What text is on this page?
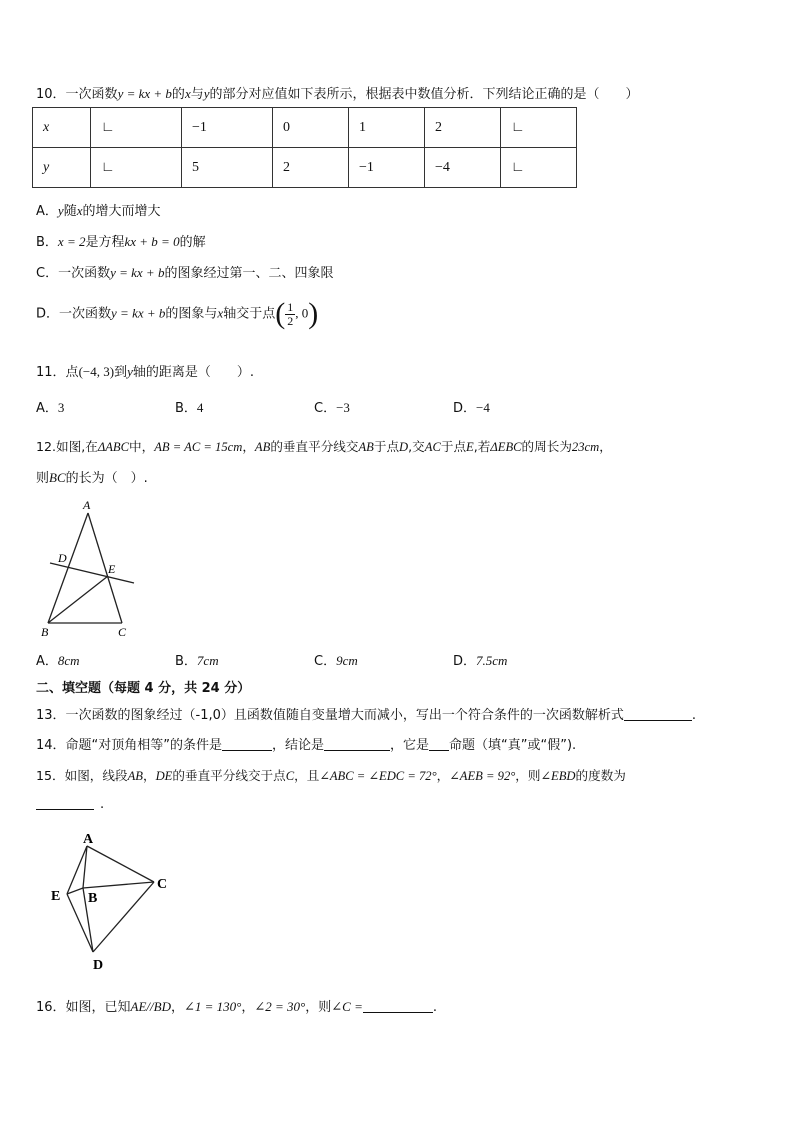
10．一次函数y = kx + b的x与y的部分对应值如下表所示，根据表中数值分析．下列结论正确的是（　　）
x	∟	−1	0	1	2	∟
y	∟	5	2	−1	−4	∟
A．y随x的增大而增大
B．x = 2是方程kx + b = 0的解
C．一次函数y = kx + b的图象经过第一、二、四象限
D．一次函数y = kx + b的图象与x轴交于点( $\frac{1}{2}$ , 0)
11．点(−4, 3)到y轴的距离是（　　）.
A．3	B．4	C．−3	D．−4
12.如图,在ΔABC中，AB = AC = 15cm，AB的垂直平分线交AB于点D,交AC于点E,若ΔEBC的周长为23cm，
则BC的长为（　）.
A
D
E
B	C
A．8cm	B．7cm	C．9cm	D．7.5cm
二、填空题（每题 4 分，共 24 分）
13．一次函数的图象经过（-1,0）且函数值随自变量增大而减小，写出一个符合条件的一次函数解析式	.
14．命题“对顶角相等”的条件是	，结论是	，它是 命题（填“真”或“假”).
15．如图，线段AB，DE的垂直平分线交于点C，且∠ABC = ∠EDC = 72°，∠AEB = 92°，则∠EBD的度数为
.
A
E B
C
D
16．如图，已知AE//BD，∠1 = 130°，∠2 = 30°，则∠C =	.
